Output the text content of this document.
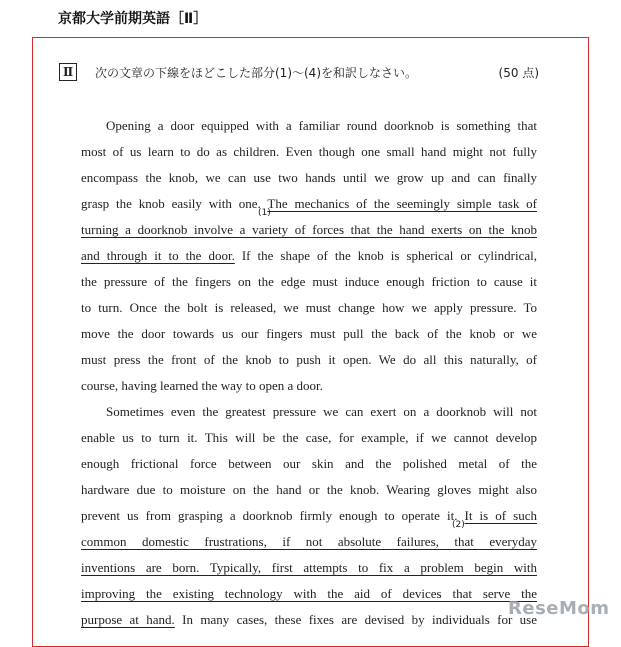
京都大学前期英語［Ⅱ］
Ⅱ	次の文章の下線をほどこした部分(1)〜(4)を和訳しなさい。	(50 点)
Opening a door equipped with a familiar round doorknob is something that
most of us learn to do as children. Even though one small hand might not fully
encompass the knob, we can use two hands until we grow up and can finally
grasp the knob easily with one. The mechanics of the seemingly simple task of
(1)
turning a doorknob involve a variety of forces that the hand exerts on the knob
and through it to the door. If the shape of the knob is spherical or cylindrical,
the pressure of the fingers on the edge must induce enough friction to cause it
to turn. Once the bolt is released, we must change how we apply pressure. To
move the door towards us our fingers must pull the back of the knob or we
must press the front of the knob to push it open. We do all this naturally, of
course, having learned the way to open a door.
Sometimes even the greatest pressure we can exert on a doorknob will not
enable us to turn it. This will be the case, for example, if we cannot develop
enough frictional force between our skin and the polished metal of the
hardware due to moisture on the hand or the knob. Wearing gloves might also
prevent us from grasping a doorknob firmly enough to operate it. It is of such
(2)
common domestic frustrations, if not absolute failures, that everyday
inventions are born. Typically, first attempts to fix a problem begin with
improving the existing technology with the aid of devices that serve the
purpose at hand. In many cases, these fixes are devised by individuals for use
ReseMom
